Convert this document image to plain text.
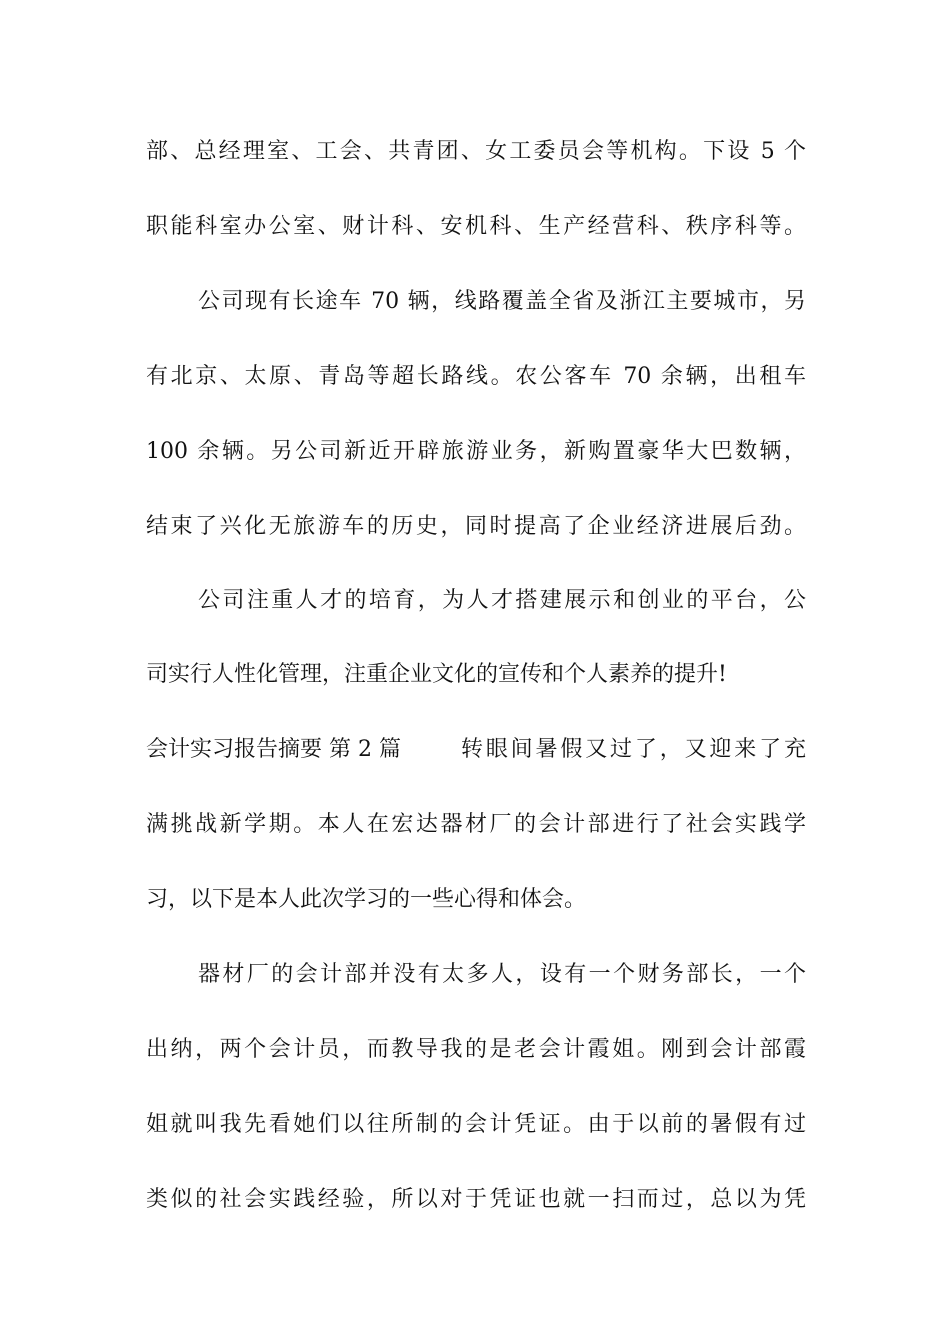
部、总经理室、工会、共青团、女工委员会等机构。下设 5 个
职能科室办公室、财计科、安机科、生产经营科、秩序科等。
公司现有长途车 70 辆，线路覆盖全省及浙江主要城市，另
有北京、太原、青岛等超长路线。农公客车 70 余辆，出租车
100 余辆。另公司新近开辟旅游业务，新购置豪华大巴数辆，
结束了兴化无旅游车的历史，同时提高了企业经济进展后劲。
公司注重人才的培育，为人才搭建展示和创业的平台，公
司实行人性化管理，注重企业文化的宣传和个人素养的提升!
会计实习报告摘要 第 2 篇	转眼间暑假又过了，又迎来了充
满挑战新学期。本人在宏达器材厂的会计部进行了社会实践学
习，以下是本人此次学习的一些心得和体会。
器材厂的会计部并没有太多人，设有一个财务部长，一个
出纳，两个会计员，而教导我的是老会计霞姐。刚到会计部霞
姐就叫我先看她们以往所制的会计凭证。由于以前的暑假有过
类似的社会实践经验，所以对于凭证也就一扫而过，总以为凭
